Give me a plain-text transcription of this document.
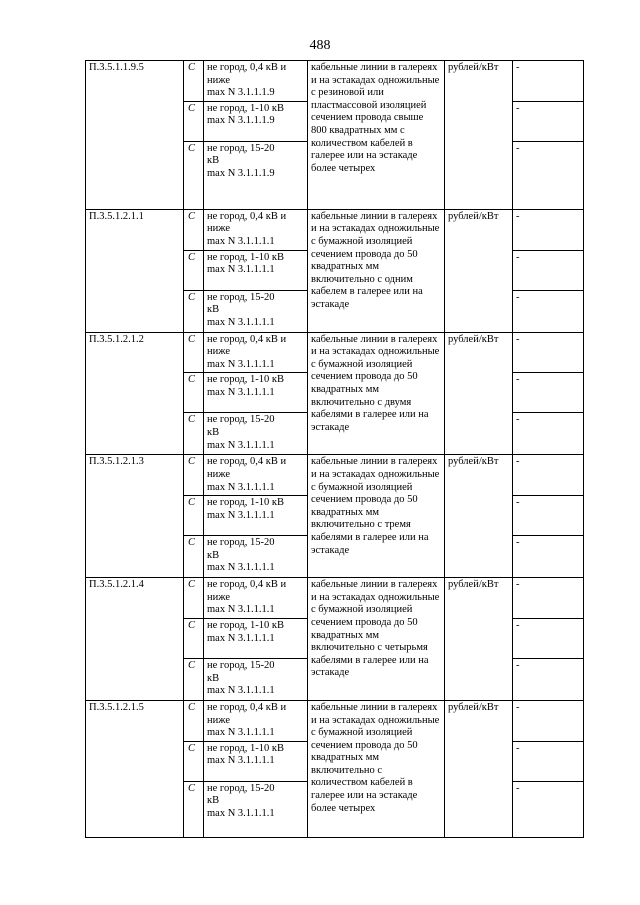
488
П.3.5.1.1.9.5	С	не город, 0,4 кВ и
ниже
max N 3.1.1.1.9	кабельные линии в галереях и на эстакадах одножильные с резиновой или пластмассовой изоляцией сечением провода свыше 800 квадратных мм с количеством кабелей в галерее или на эстакаде более четырех	рублей/кВт	-
	С	не город, 1-10 кВ
max N 3.1.1.1.9			-
	С	не город, 15-20
кВ
max N 3.1.1.1.9			-
П.3.5.1.2.1.1	С	не город, 0,4 кВ и
ниже
max N 3.1.1.1.1	кабельные линии в галереях и на эстакадах одножильные с бумажной изоляцией сечением провода до 50 квадратных мм включительно с одним кабелем в галерее или на эстакаде	рублей/кВт	-
	С	не город, 1-10 кВ
max N 3.1.1.1.1			-
	С	не город, 15-20
кВ
max N 3.1.1.1.1			-
П.3.5.1.2.1.2	С	не город, 0,4 кВ и
ниже
max N 3.1.1.1.1	кабельные линии в галереях и на эстакадах одножильные с бумажной изоляцией сечением провода до 50 квадратных мм включительно с двумя кабелями в галерее или на эстакаде	рублей/кВт	-
	С	не город, 1-10 кВ
max N 3.1.1.1.1			-
	С	не город, 15-20
кВ
max N 3.1.1.1.1			-
П.3.5.1.2.1.3	С	не город, 0,4 кВ и
ниже
max N 3.1.1.1.1	кабельные линии в галереях и на эстакадах одножильные с бумажной изоляцией сечением провода до 50 квадратных мм включительно с тремя кабелями в галерее или на эстакаде	рублей/кВт	-
	С	не город, 1-10 кВ
max N 3.1.1.1.1			-
	С	не город, 15-20
кВ
max N 3.1.1.1.1			-
П.3.5.1.2.1.4	С	не город, 0,4 кВ и
ниже
max N 3.1.1.1.1	кабельные линии в галереях и на эстакадах одножильные с бумажной изоляцией сечением провода до 50 квадратных мм включительно с четырьмя кабелями в галерее или на эстакаде	рублей/кВт	-
	С	не город, 1-10 кВ
max N 3.1.1.1.1			-
	С	не город, 15-20
кВ
max N 3.1.1.1.1			-
П.3.5.1.2.1.5	С	не город, 0,4 кВ и
ниже
max N 3.1.1.1.1	кабельные линии в галереях и на эстакадах одножильные с бумажной изоляцией сечением провода до 50 квадратных мм включительно с количеством кабелей в галерее или на эстакаде более четырех	рублей/кВт	-
	С	не город, 1-10 кВ
max N 3.1.1.1.1			-
	С	не город, 15-20
кВ
max N 3.1.1.1.1			-
